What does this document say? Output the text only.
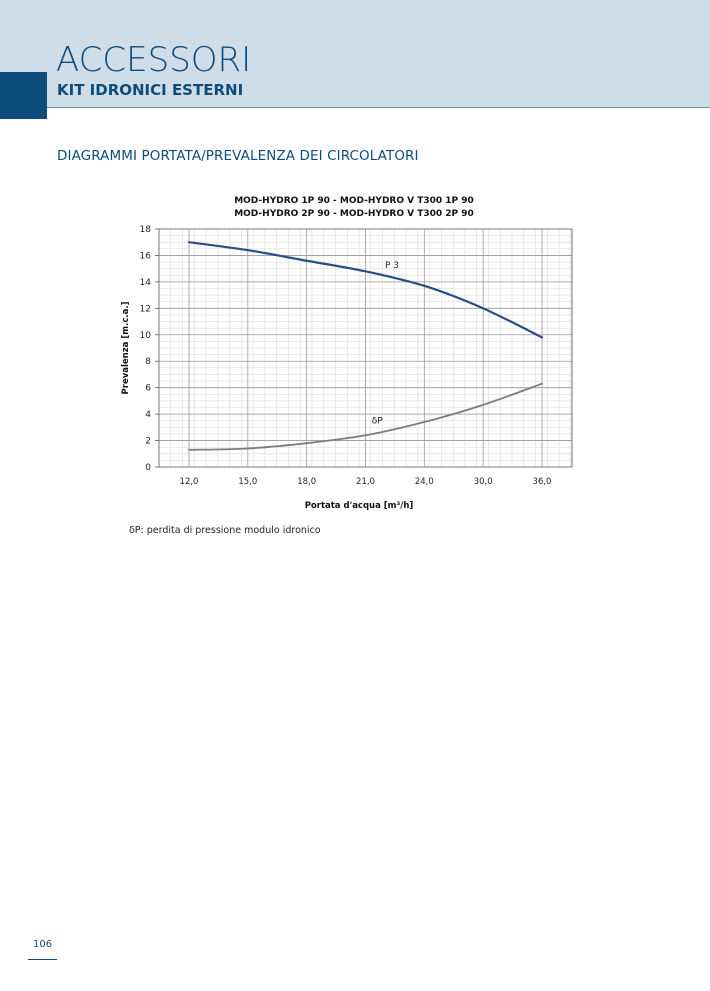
ACCESSORI
KIT IDRONICI ESTERNI
DIAGRAMMI PORTATA/PREVALENZA DEI CIRCOLATORI
0
2
4
6
8
10
12
14
16
18
12,0	15,0	18,0	21,0	24,0	30,0	36,0
P 3
δP
MOD-HYDRO 1P 90 - MOD-HYDRO V T300 1P 90
MOD-HYDRO 2P 90 - MOD-HYDRO V T300 2P 90
Portata d'acqua [m³/h]
Prevalenza [m.c.a.]
δP: perdita di pressione modulo idronico
106
